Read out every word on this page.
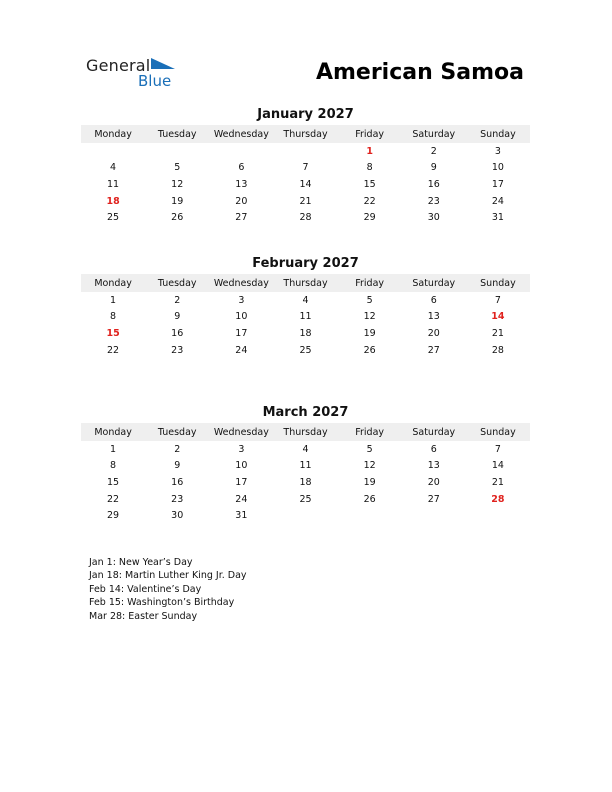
General
Blue	American Samoa
January 2027
Monday	Tuesday	Wednesday	Thursday	Friday	Saturday	Sunday
				1	2	3
4	5	6	7	8	9	10
11	12	13	14	15	16	17
18	19	20	21	22	23	24
25	26	27	28	29	30	31
February 2027
Monday	Tuesday	Wednesday	Thursday	Friday	Saturday	Sunday
1	2	3	4	5	6	7
8	9	10	11	12	13	14
15	16	17	18	19	20	21
22	23	24	25	26	27	28
March 2027
Monday	Tuesday	Wednesday	Thursday	Friday	Saturday	Sunday
1	2	3	4	5	6	7
8	9	10	11	12	13	14
15	16	17	18	19	20	21
22	23	24	25	26	27	28
29	30	31				
Jan 1: New Year’s Day
Jan 18: Martin Luther King Jr. Day
Feb 14: Valentine’s Day
Feb 15: Washington’s Birthday
Mar 28: Easter Sunday
